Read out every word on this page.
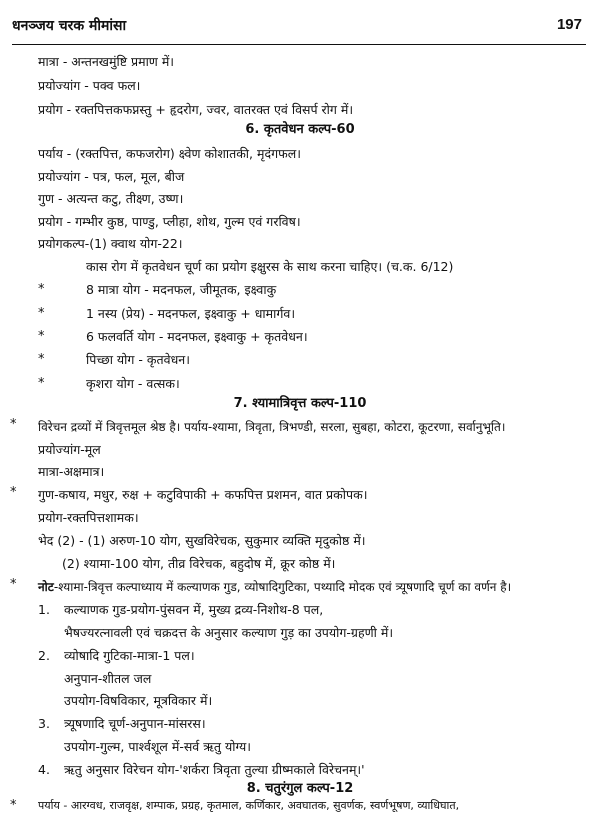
धनञ्जय चरक मीमांसा	197
मात्रा - अन्तनखमुंष्टि प्रमाण में।
प्रयोज्यांग - पक्व फल।
प्रयोग - रक्तपित्तकफप्नस्तु + हृदरोग, ज्वर, वातरक्त एवं विसर्प रोग में।
6. कृतवेधन कल्प-60
पर्याय - (रक्तपित्त, कफजरोग) क्ष्वेण कोशातकी, मृदंगफल।
प्रयोज्यांग - पत्र, फल, मूल, बीज
गुण - अत्यन्त कटु, तीक्ष्ण, उष्ण।
प्रयोग - गम्भीर कुष्ठ, पाण्डु, प्लीहा, शोथ, गुल्म एवं गरविष।
प्रयोगकल्प-(1) क्वाथ योग-22।
कास रोग में कृतवेधन चूर्ण का प्रयोग इक्षुरस के साथ करना चाहिए। (च.क. 6/12)
*	8 मात्रा योग - मदनफल, जीमूतक, इक्ष्वाकु
*	1 नस्य (प्रेय) - मदनफल, इक्ष्वाकु + धामार्गव।
*	6 फलवर्ति योग - मदनफल, इक्ष्वाकु + कृतवेधन।
*	पिच्छा योग - कृतवेधन।
*	कृशरा योग - वत्सक।
7. श्यामात्रिवृत्त कल्प-110
* विरेचन द्रव्यों में त्रिवृत्तमूल श्रेष्ठ है। पर्याय-श्यामा, त्रिवृता, त्रिभण्डी, सरला, सुबहा, कोटरा, कूटरणा, सर्वानुभूति।
प्रयोज्यांग-मूल
मात्रा-अक्षमात्र।
* गुण-कषाय, मधुर, रुक्ष + कटुविपाकी + कफपित्त प्रशमन, वात प्रकोपक।
प्रयोग-रक्तपित्तशामक।
भेद (2) - (1) अरुण-10 योग, सुखविरेचक, सुकुमार व्यक्ति मृदुकोष्ठ में।
(2) श्यामा-100 योग, तीव्र विरेचक, बहुदोष में, क्रूर कोष्ठ में।
* नोट-श्यामा-त्रिवृत्त कल्पाध्याय में कल्याणक गुड, व्योषादिगुटिका, पथ्यादि मोदक एवं त्र्यूषणादि चूर्ण का वर्णन है।
1. कल्याणक गुड-प्रयोग-पुंसवन में, मुख्य द्रव्य-निशोथ-8 पल,
भैषज्यरत्नावली एवं चक्रदत्त के अनुसार कल्याण गुड़ का उपयोग-ग्रहणी में।
2. व्योषादि गुटिका-मात्रा-1 पल।
अनुपान-शीतल जल
उपयोग-विषविकार, मूत्रविकार में।
3. त्र्यूषणादि चूर्ण-अनुपान-मांसरस।
उपयोग-गुल्म, पार्श्वशूल में-सर्व ऋतु योग्य।
4. ऋतु अनुसार विरेचन योग-'शर्करा त्रिवृता तुल्या ग्रीष्मकाले विरेचनम्।'
8. चतुरंगुल कल्प-12
* पर्याय - आरग्वध, राजवृक्ष, शम्पाक, प्रग्रह, कृतमाल, कर्णिकार, अवघातक, सुवर्णक, स्वर्णभूषण, व्याधिघात,
